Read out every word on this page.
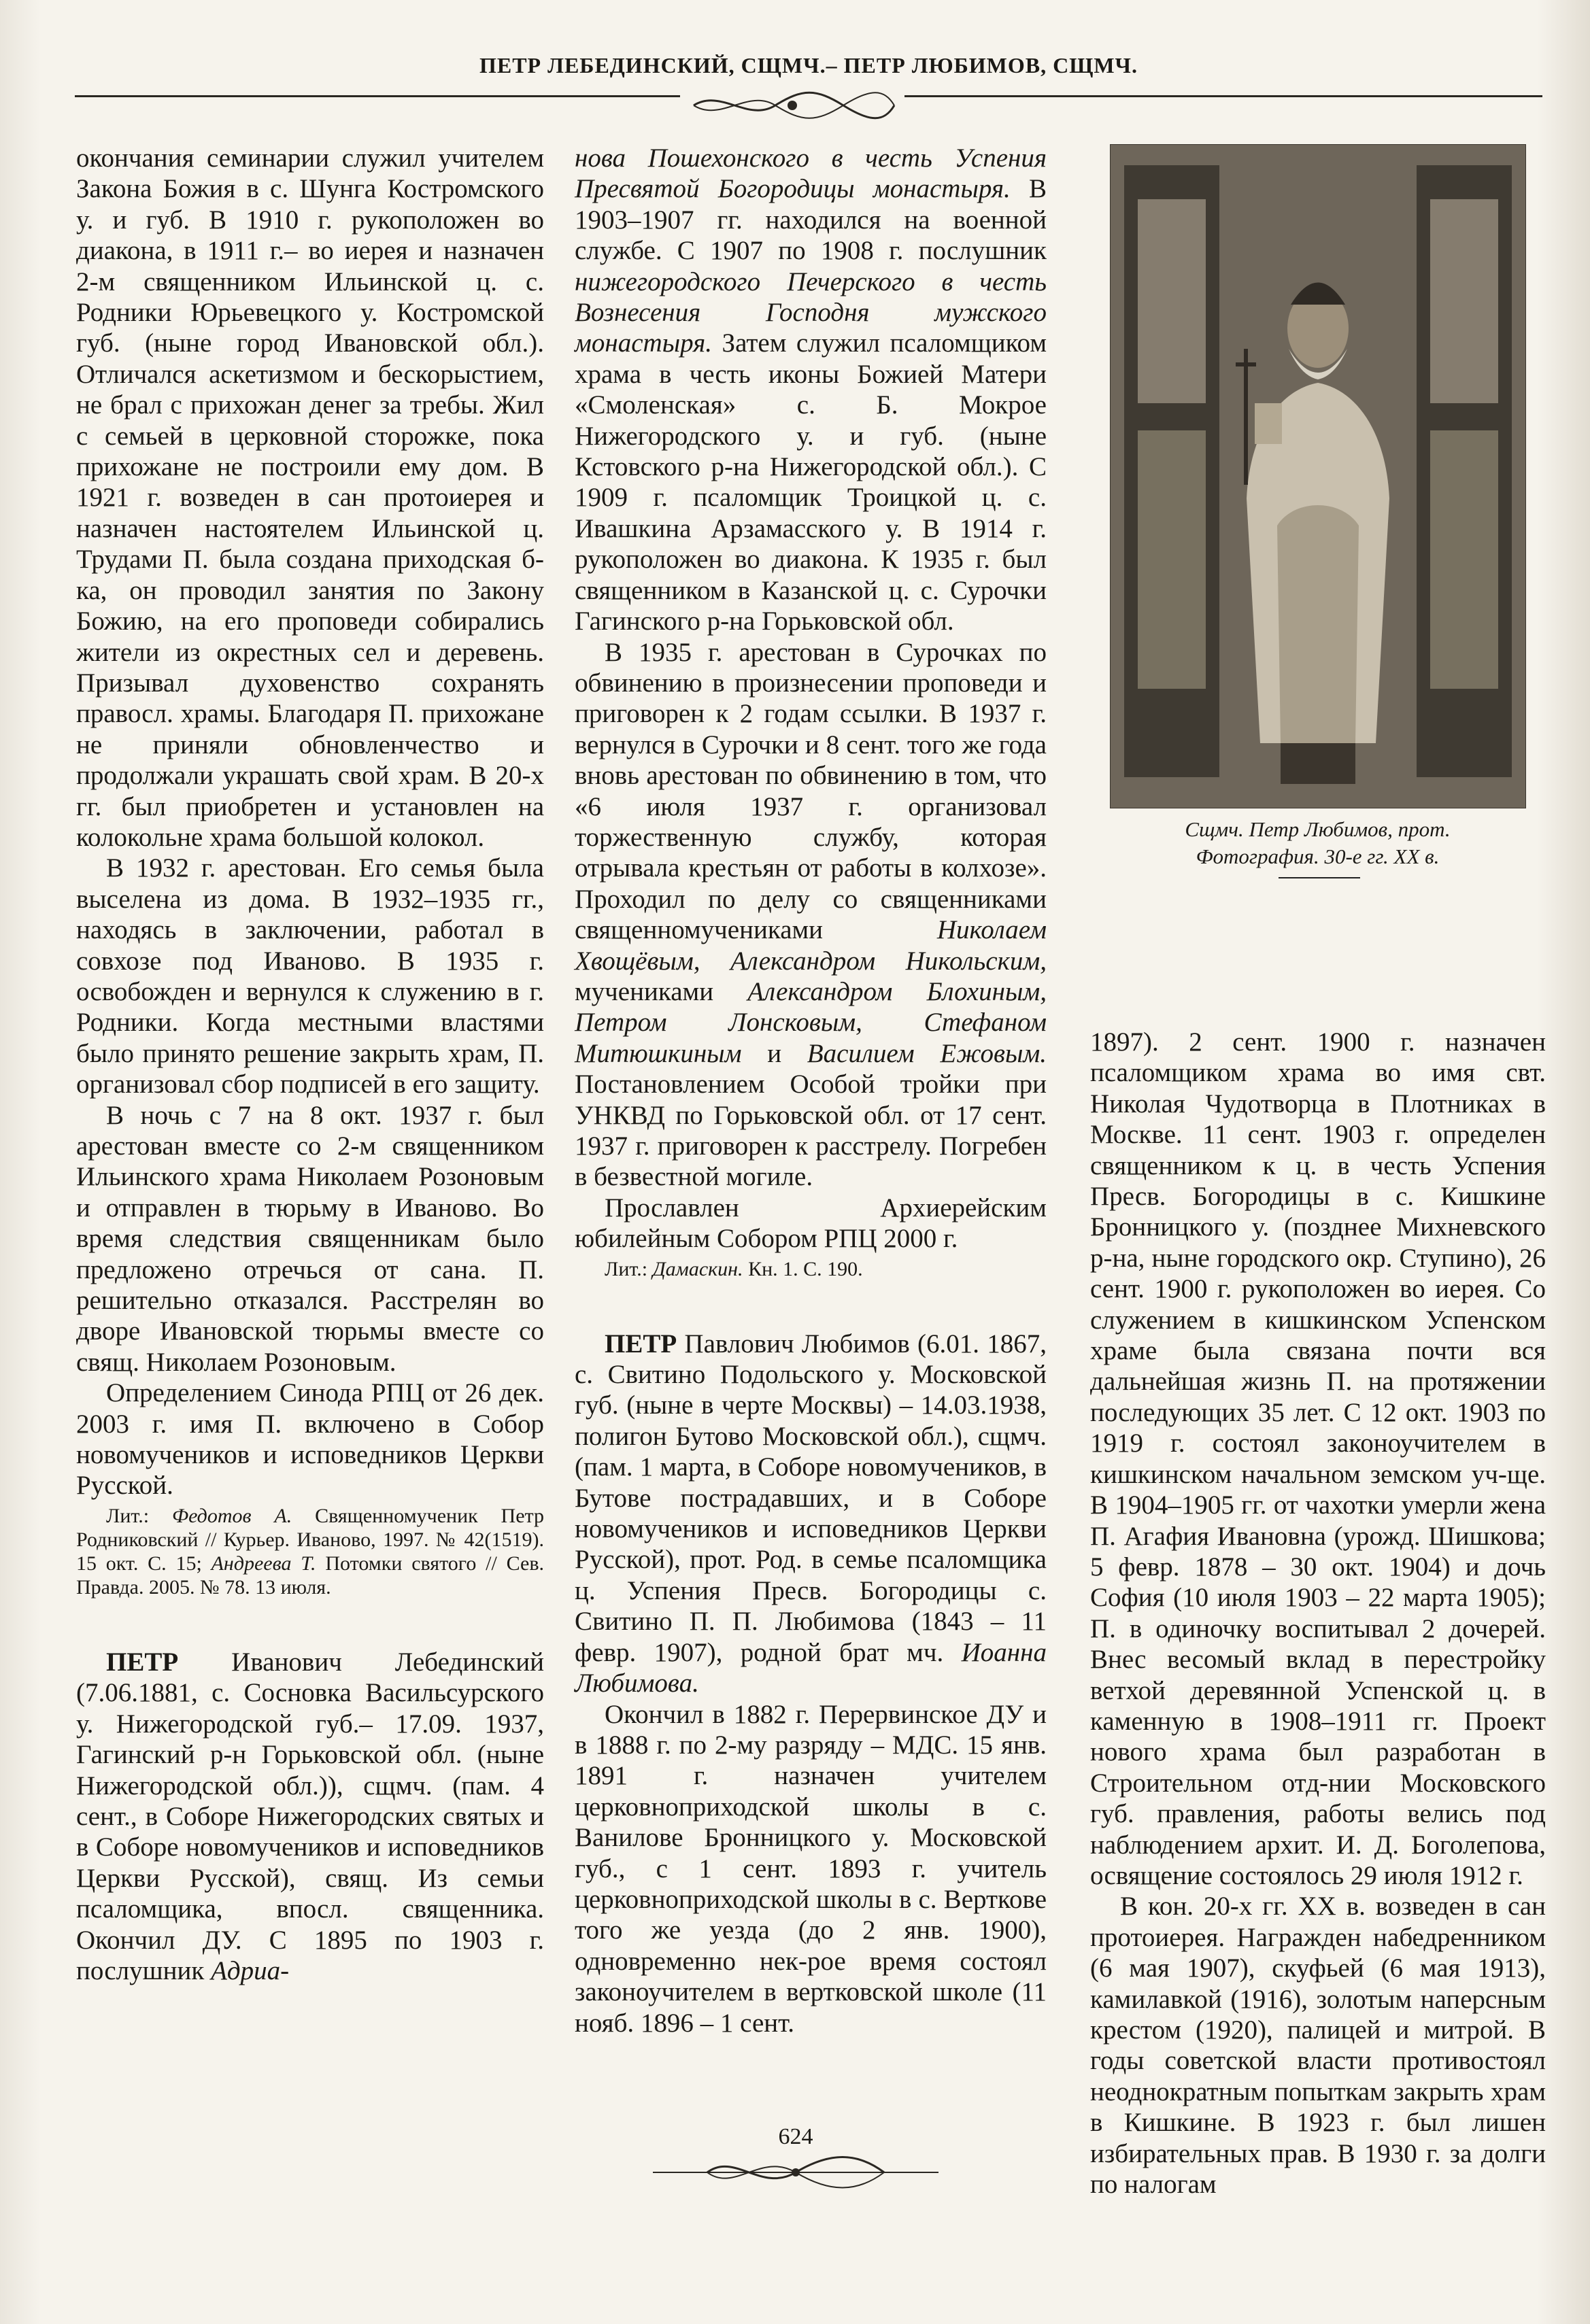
ПЕТР ЛЕБЕДИНСКИЙ, СЩМЧ.– ПЕТР ЛЮБИМОВ, СЩМЧ.

окончания семинарии служил учителем Закона Божия в с. Шунга Костромского у. и губ. В 1910 г. рукоположен во диакона, в 1911 г.– во иерея и назначен 2-м священником Ильинской ц. с. Родники Юрьевецкого у. Костромской губ. (ныне город Ивановской обл.). Отличался аскетизмом и бескорыстием, не брал с прихожан денег за требы. Жил с семьей в церковной сторожке, пока прихожане не построили ему дом. В 1921 г. возведен в сан протоиерея и назначен настоятелем Ильинской ц. Трудами П. была создана приходская б-ка, он проводил занятия по Закону Божию, на его проповеди собирались жители из окрестных сел и деревень. Призывал духовенство сохранять правосл. храмы. Благодаря П. прихожане не приняли обновленчество и продолжали украшать свой храм. В 20-х гг. был приобретен и установлен на колокольне храма большой колокол.

В 1932 г. арестован. Его семья была выселена из дома. В 1932–1935 гг., находясь в заключении, работал в совхозе под Иваново. В 1935 г. освобожден и вернулся к служению в г. Родники. Когда местными властями было принято решение закрыть храм, П. организовал сбор подписей в его защиту.

В ночь с 7 на 8 окт. 1937 г. был арестован вместе со 2-м священником Ильинского храма Николаем Розоновым и отправлен в тюрьму в Иваново. Во время следствия священникам было предложено отречься от сана. П. решительно отказался. Расстрелян во дворе Ивановской тюрьмы вместе со свящ. Николаем Розоновым.

Определением Синода РПЦ от 26 дек. 2003 г. имя П. включено в Собор новомучеников и исповедников Церкви Русской.

Лит.: Федотов А. Священномученик Петр Родниковский // Курьер. Иваново, 1997. № 42(1519). 15 окт. С. 15; Андреева Т. Потомки святого // Сев. Правда. 2005. № 78. 13 июля.

ПЕТР Иванович Лебединский (7.06.1881, с. Сосновка Васильсурского у. Нижегородской губ.– 17.09. 1937, Гагинский р-н Горьковской обл. (ныне Нижегородской обл.)), сщмч. (пам. 4 сент., в Соборе Нижегородских святых и в Соборе новомучеников и исповедников Церкви Русской), свящ. Из семьи псаломщика, впосл. священника. Окончил ДУ. С 1895 по 1903 г. послушник Адриа-

нова Пошехонского в честь Успения Пресвятой Богородицы монастыря. В 1903–1907 гг. находился на военной службе. С 1907 по 1908 г. послушник нижегородского Печерского в честь Вознесения Господня мужского монастыря. Затем служил псаломщиком храма в честь иконы Божией Матери «Смоленская» с. Б. Мокрое Нижегородского у. и губ. (ныне Кстовского р-на Нижегородской обл.). С 1909 г. псаломщик Троицкой ц. с. Ивашкина Арзамасского у. В 1914 г. рукоположен во диакона. К 1935 г. был священником в Казанской ц. с. Сурочки Гагинского р-на Горьковской обл.

В 1935 г. арестован в Сурочках по обвинению в произнесении проповеди и приговорен к 2 годам ссылки. В 1937 г. вернулся в Сурочки и 8 сент. того же года вновь арестован по обвинению в том, что «6 июля 1937 г. организовал торжественную службу, которая отрывала крестьян от работы в колхозе». Проходил по делу со священниками священномучениками	Николаем Хвощёвым, Александром Никольским, мучениками Александром Блохиным, Петром Лонсковым, Стефаном Митюшкиным и Василием Ежовым. Постановлением Особой тройки при УНКВД по Горьковской обл. от 17 сент. 1937 г. приговорен к расстрелу. Погребен в безвестной могиле.

Прославлен Архиерейским юбилейным Собором РПЦ 2000 г.

Лит.: Дамаскин. Кн. 1. С. 190.

ПЕТР Павлович Любимов (6.01. 1867, с. Свитино Подольского у. Московской губ. (ныне в черте Москвы) – 14.03.1938, полигон Бутово Московской обл.), сщмч. (пам. 1 марта, в Соборе новомучеников, в Бутове пострадавших, и в Соборе новомучеников и исповедников Церкви Русской), прот. Род. в семье псаломщика ц. Успения Пресв. Богородицы с. Свитино П. П. Любимова (1843 – 11 февр. 1907), родной брат мч. Иоанна Любимова.

Окончил в 1882 г. Перервинское ДУ и в 1888 г. по 2-му разряду – МДС. 15 янв. 1891 г. назначен учителем церковноприходской школы в с. Ванилове Бронницкого у. Московской губ., с 1 сент. 1893 г. учитель церковноприходской школы в с. Верткове того же уезда (до 2 янв. 1900), одновременно нек-рое время состоял законоучителем в вертковской школе (11 нояб. 1896 – 1 сент.

Сщмч. Петр Любимов, прот.
Фотография. 30-е гг. XX в.

1897). 2 сент. 1900 г. назначен псаломщиком храма во имя свт. Николая Чудотворца в Плотниках в Москве. 11 сент. 1903 г. определен священником к ц. в честь Успения Пресв. Богородицы в с. Кишкине Бронницкого у. (позднее Михневского р-на, ныне городского окр. Ступино), 26 сент. 1900 г. рукоположен во иерея. Со служением в кишкинском Успенском храме была связана почти вся дальнейшая жизнь П. на протяжении последующих 35 лет. С 12 окт. 1903 по 1919 г. состоял законоучителем в кишкинском начальном земском уч-ще. В 1904–1905 гг. от чахотки умерли жена П. Агафия Ивановна (урожд. Шишкова; 5 февр. 1878 – 30 окт. 1904) и дочь София (10 июля 1903 – 22 марта 1905); П. в одиночку воспитывал 2 дочерей. Внес весомый вклад в перестройку ветхой деревянной Успенской ц. в каменную в 1908–1911 гг. Проект нового храма был разработан в Строительном отд-нии Московского губ. правления, работы велись под наблюдением архит. И. Д. Боголепова, освящение состоялось 29 июля 1912 г.

В кон. 20-х гг. XX в. возведен в сан протоиерея. Награжден набедренником (6 мая 1907), скуфьей (6 мая 1913), камилавкой (1916), золотым наперсным крестом (1920), палицей и митрой. В годы советской власти противостоял неоднократным попыткам закрыть храм в Кишкине. В 1923 г. был лишен избирательных прав. В 1930 г. за долги по налогам

624
